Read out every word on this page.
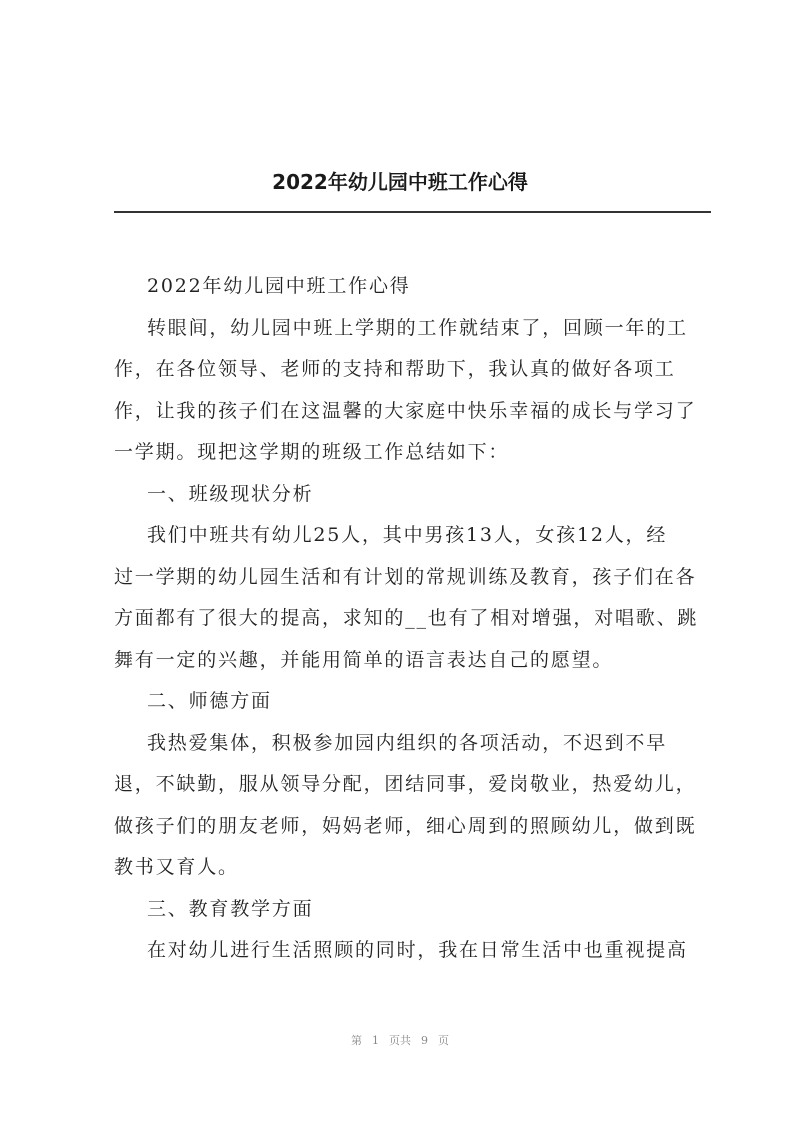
2022年幼儿园中班工作心得
2022年幼儿园中班工作心得
转眼间，幼儿园中班上学期的工作就结束了，回顾一年的工
作，在各位领导、老师的支持和帮助下，我认真的做好各项工
作，让我的孩子们在这温馨的大家庭中快乐幸福的成长与学习了
一学期。现把这学期的班级工作总结如下：
一、班级现状分析
我们中班共有幼儿25人，其中男孩13人，女孩12人，经
过一学期的幼儿园生活和有计划的常规训练及教育，孩子们在各
方面都有了很大的提高，求知的__也有了相对增强，对唱歌、跳
舞有一定的兴趣，并能用简单的语言表达自己的愿望。
二、师德方面
我热爱集体，积极参加园内组织的各项活动，不迟到不早
退，不缺勤，服从领导分配，团结同事，爱岗敬业，热爱幼儿，
做孩子们的朋友老师，妈妈老师，细心周到的照顾幼儿，做到既
教书又育人。
三、教育教学方面
在对幼儿进行生活照顾的同时，我在日常生活中也重视提高
第 1 页共 9 页
